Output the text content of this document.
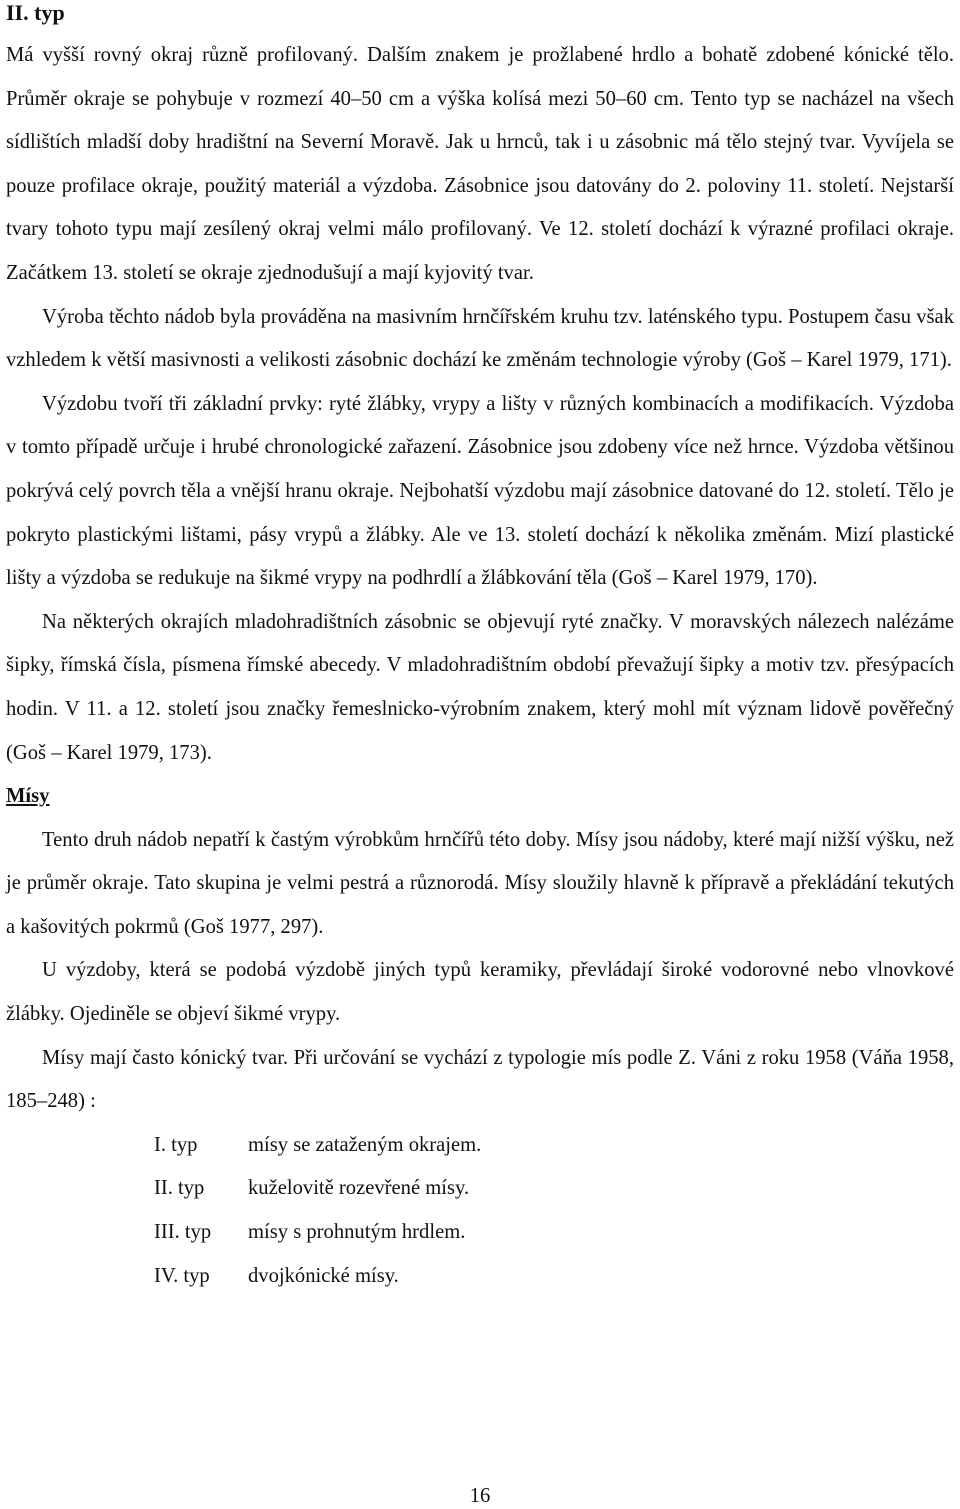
II. typ

Má vyšší rovný okraj různě profilovaný. Dalším znakem je prožlabené hrdlo a bohatě zdobené kónické tělo. Průměr okraje se pohybuje v rozmezí 40–50 cm a výška kolísá mezi 50–60 cm. Tento typ se nacházel na všech sídlištích mladší doby hradištní na Severní Moravě. Jak u hrnců, tak i u zásobnic má tělo stejný tvar. Vyvíjela se pouze profilace okraje, použitý materiál a výzdoba. Zásobnice jsou datovány do 2. poloviny 11. století. Nejstarší tvary tohoto typu mají zesílený okraj velmi málo profilovaný. Ve 12. století dochází k výrazné profilaci okraje. Začátkem 13. století se okraje zjednodušují a mají kyjovitý tvar.

Výroba těchto nádob byla prováděna na masivním hrnčířském kruhu tzv. laténského typu. Postupem času však vzhledem k větší masivnosti a velikosti zásobnic dochází ke změnám technologie výroby (Goš – Karel 1979, 171).

Výzdobu tvoří tři základní prvky: ryté žlábky, vrypy a lišty v různých kombinacích a modifikacích. Výzdoba v tomto případě určuje i hrubé chronologické zařazení. Zásobnice jsou zdobeny více než hrnce. Výzdoba většinou pokrývá celý povrch těla a vnější hranu okraje. Nejbohatší výzdobu mají zásobnice datované do 12. století. Tělo je pokryto plastickými lištami, pásy vrypů a žlábky. Ale ve 13. století dochází k několika změnám. Mizí plastické lišty a výzdoba se redukuje na šikmé vrypy na podhrdlí a žlábkování těla (Goš – Karel 1979, 170).

Na některých okrajích mladohradištních zásobnic se objevují ryté značky. V moravských nálezech nalézáme šipky, římská čísla, písmena římské abecedy. V mladohradištním období převažují šipky a motiv tzv. přesýpacích hodin. V 11. a 12. století jsou značky řemeslnicko-výrobním znakem, který mohl mít význam lidově pověřečný (Goš – Karel 1979, 173).

Mísy

Tento druh nádob nepatří k častým výrobkům hrnčířů této doby. Mísy jsou nádoby, které mají nižší výšku, než je průměr okraje. Tato skupina je velmi pestrá a různorodá. Mísy sloužily hlavně k přípravě a překládání tekutých a kašovitých pokrmů (Goš 1977, 297).

U výzdoby, která se podobá výzdobě jiných typů keramiky, převládají široké vodorovné nebo vlnovkové žlábky. Ojediněle se objeví šikmé vrypy.

Mísy mají často kónický tvar. Při určování se vychází z typologie mís podle Z. Váni z roku 1958 (Váňa 1958, 185–248) :

I. typ	mísy se zataženým okrajem.
II. typ	kuželovitě rozevřené mísy.
III. typ	mísy s prohnutým hrdlem.
IV. typ	dvojkónické mísy.
16
